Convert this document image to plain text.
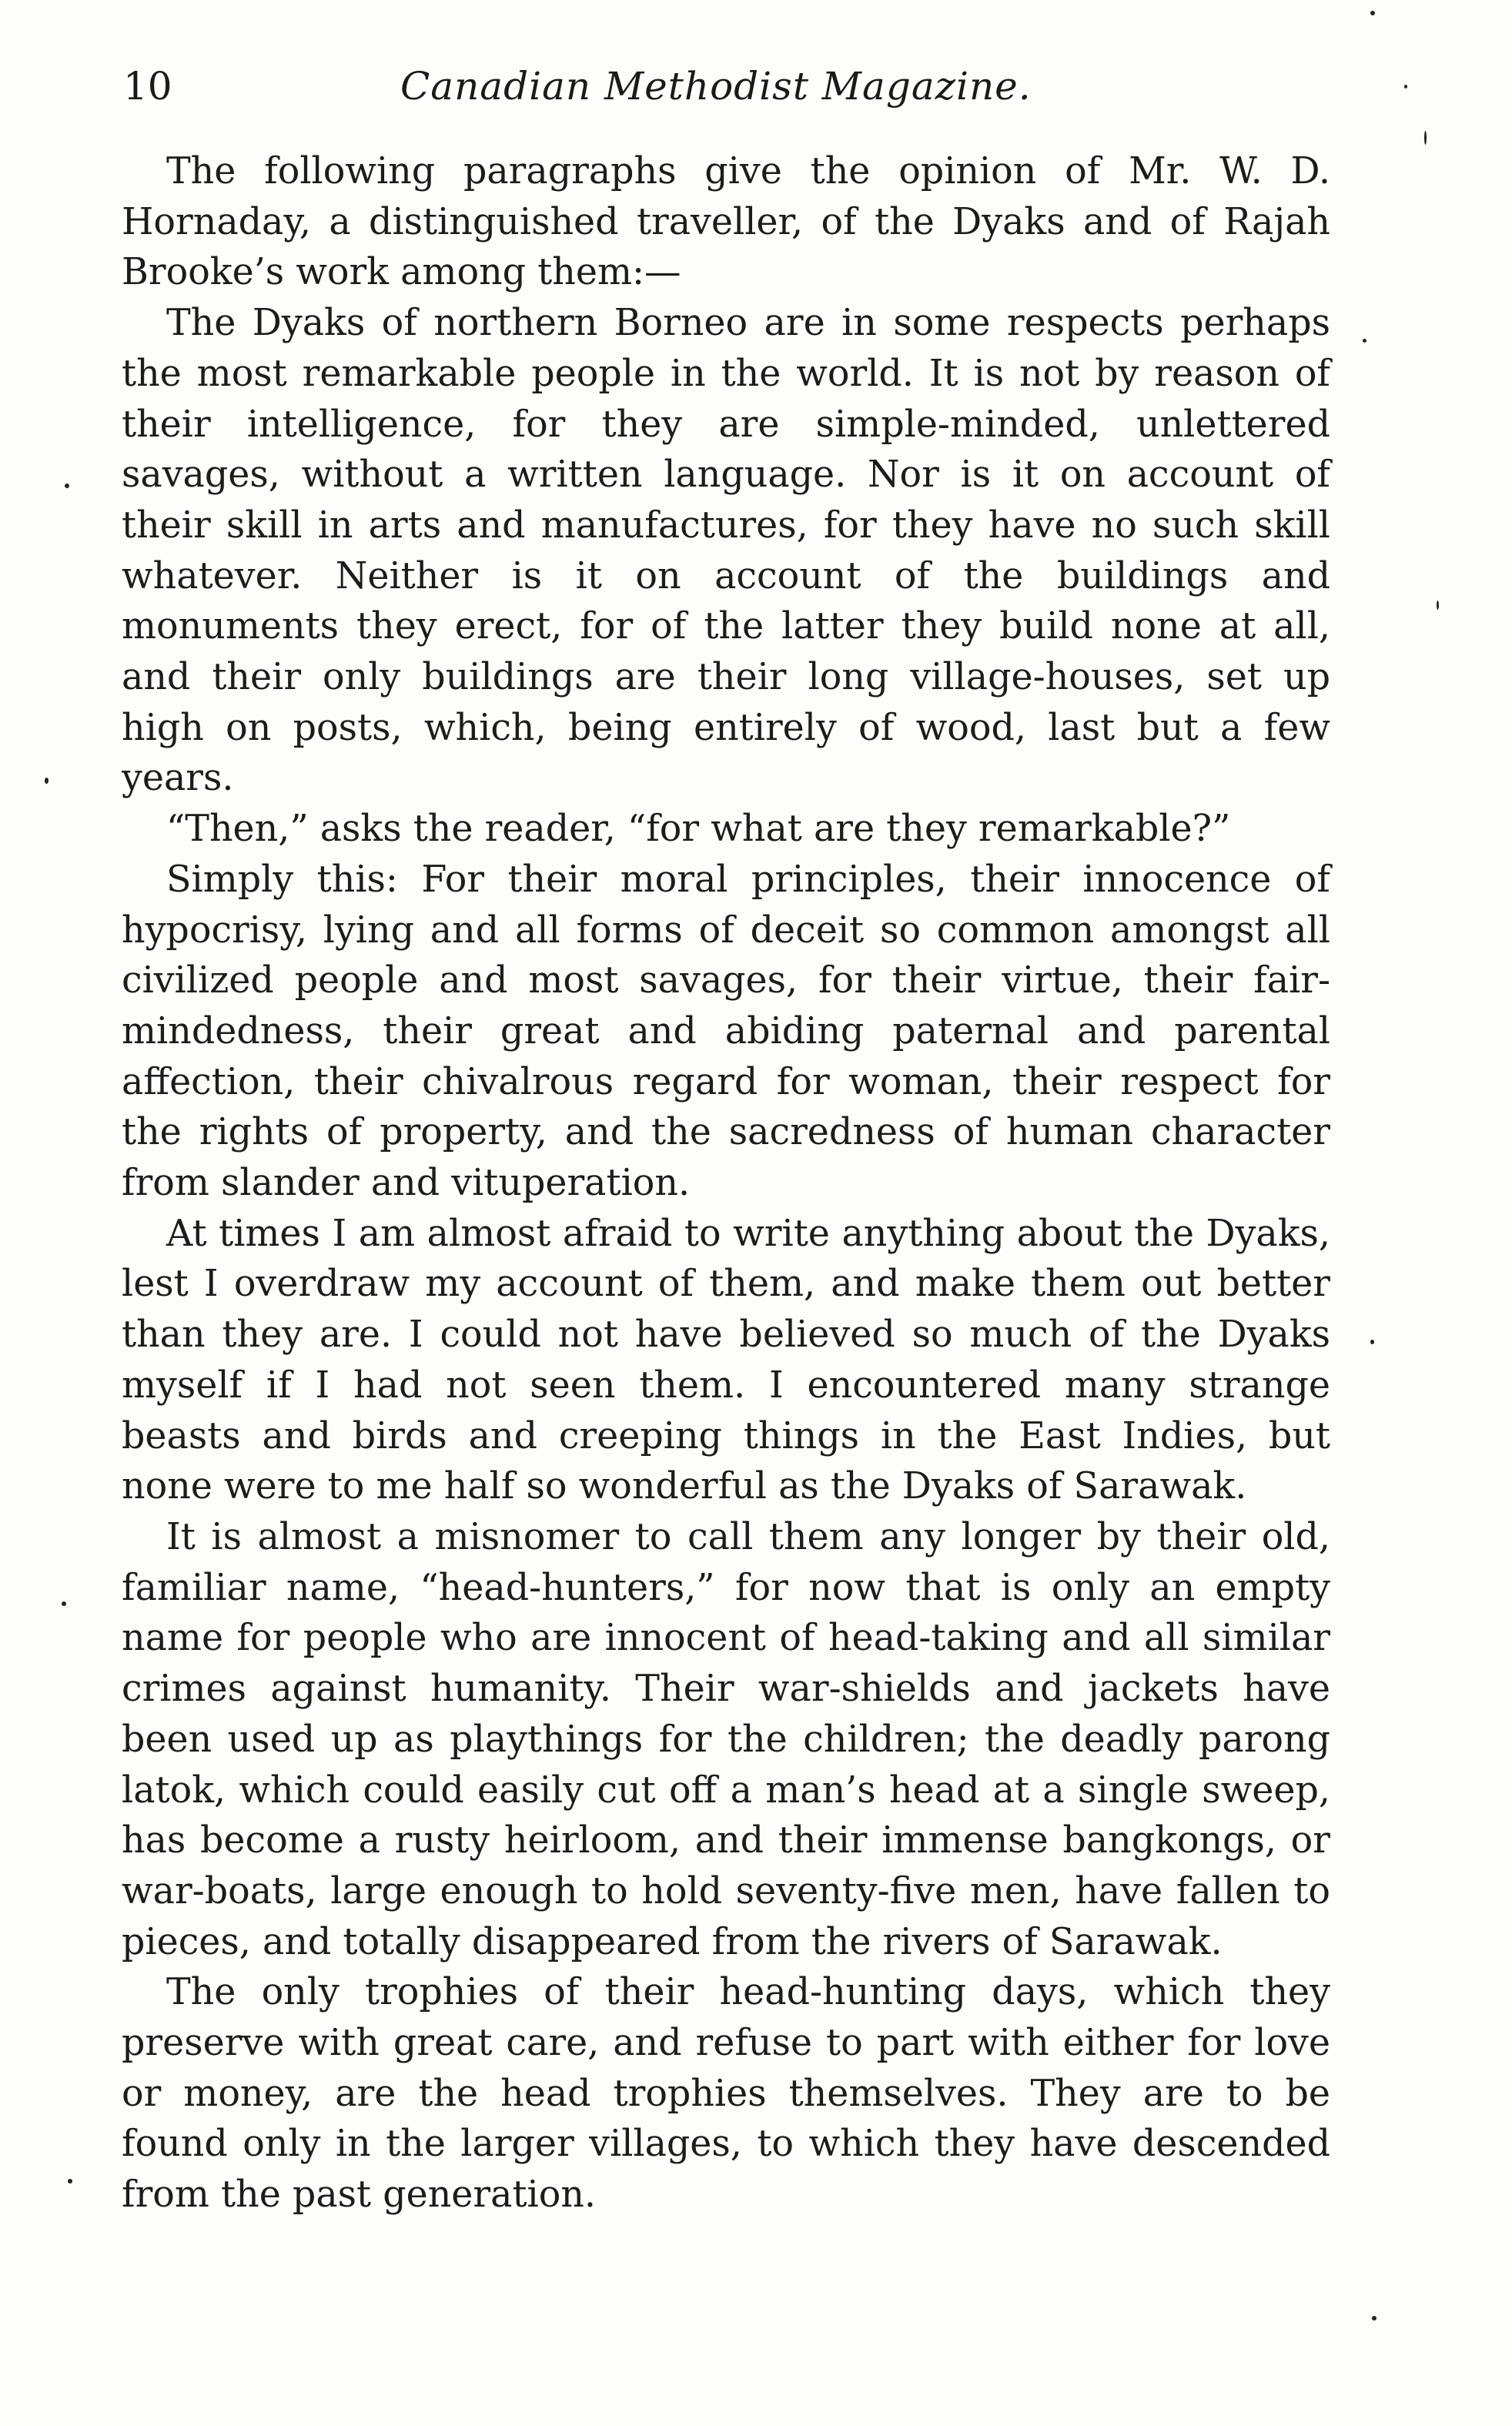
10	Canadian Methodist Magazine.

The following paragraphs give the opinion of Mr. W. D. Hornaday, a distinguished traveller, of the Dyaks and of Rajah Brooke’s work among them:—

The Dyaks of northern Borneo are in some respects perhaps the most remarkable people in the world. It is not by reason of their intelligence, for they are simple-minded, unlettered savages, without a written language. Nor is it on account of their skill in arts and manufactures, for they have no such skill whatever. Neither is it on account of the buildings and monuments they erect, for of the latter they build none at all, and their only buildings are their long village-houses, set up high on posts, which, being entirely of wood, last but a few years.

“Then,” asks the reader, “for what are they remarkable?”

Simply this: For their moral principles, their innocence of hypocrisy, lying and all forms of deceit so common amongst all civilized people and most savages, for their virtue, their fair-mindedness, their great and abiding paternal and parental affection, their chivalrous regard for woman, their respect for the rights of property, and the sacredness of human character from slander and vituperation.

At times I am almost afraid to write anything about the Dyaks, lest I overdraw my account of them, and make them out better than they are. I could not have believed so much of the Dyaks myself if I had not seen them. I encountered many strange beasts and birds and creeping things in the East Indies, but none were to me half so wonderful as the Dyaks of Sarawak.

It is almost a misnomer to call them any longer by their old, familiar name, “head-hunters,” for now that is only an empty name for people who are innocent of head-taking and all similar crimes against humanity. Their war-shields and jackets have been used up as playthings for the children; the deadly parong latok, which could easily cut off a man’s head at a single sweep, has become a rusty heirloom, and their immense bangkongs, or war-boats, large enough to hold seventy-five men, have fallen to pieces, and totally disappeared from the rivers of Sarawak.

The only trophies of their head-hunting days, which they preserve with great care, and refuse to part with either for love or money, are the head trophies themselves. They are to be found only in the larger villages, to which they have descended from the past generation.
